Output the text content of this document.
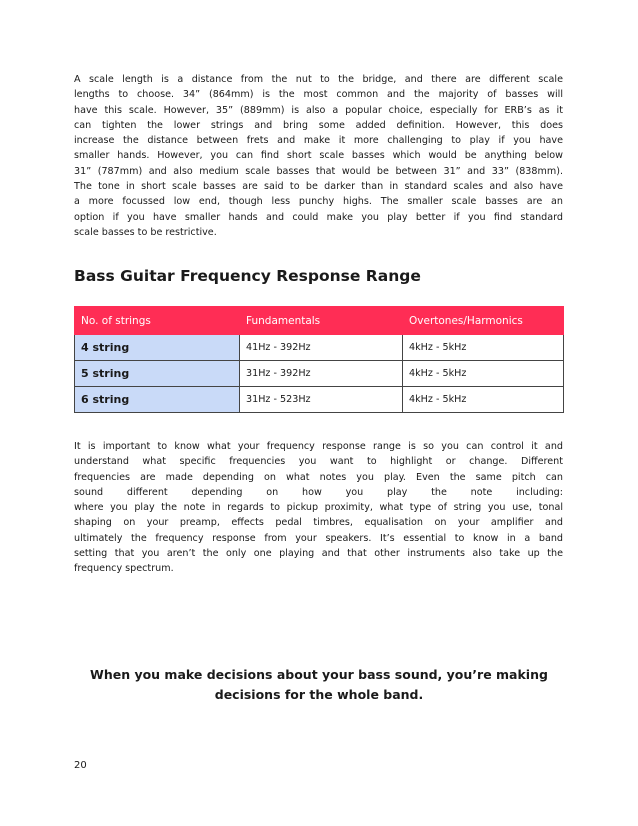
A scale length is a distance from the nut to the bridge, and there are different scale
lengths to choose. 34” (864mm) is the most common and the majority of basses will
have this scale. However, 35” (889mm) is also a popular choice, especially for ERB’s as it
can tighten the lower strings and bring some added definition. However, this does
increase the distance between frets and make it more challenging to play if you have
smaller hands. However, you can find short scale basses which would be anything below
31” (787mm) and also medium scale basses that would be between 31” and 33” (838mm).
The tone in short scale basses are said to be darker than in standard scales and also have
a more focussed low end, though less punchy highs. The smaller scale basses are an
option if you have smaller hands and could make you play better if you find standard
scale basses to be restrictive.

Bass Guitar Frequency Response Range
No. of strings	Fundamentals	Overtones/Harmonics
4 string	41Hz - 392Hz	4kHz - 5kHz
5 string	31Hz - 392Hz	4kHz - 5kHz
6 string	31Hz - 523Hz	4kHz - 5kHz

It is important to know what your frequency response range is so you can control it and
understand what specific frequencies you want to highlight or change. Different
frequencies are made depending on what notes you play. Even the same pitch can
sound different depending on how you play the note including:
where you play the note in regards to pickup proximity, what type of string you use, tonal
shaping on your preamp, effects pedal timbres, equalisation on your amplifier and
ultimately the frequency response from your speakers. It’s essential to know in a band
setting that you aren’t the only one playing and that other instruments also take up the
frequency spectrum.

When you make decisions about your bass sound, you’re making
decisions for the whole band.

20
